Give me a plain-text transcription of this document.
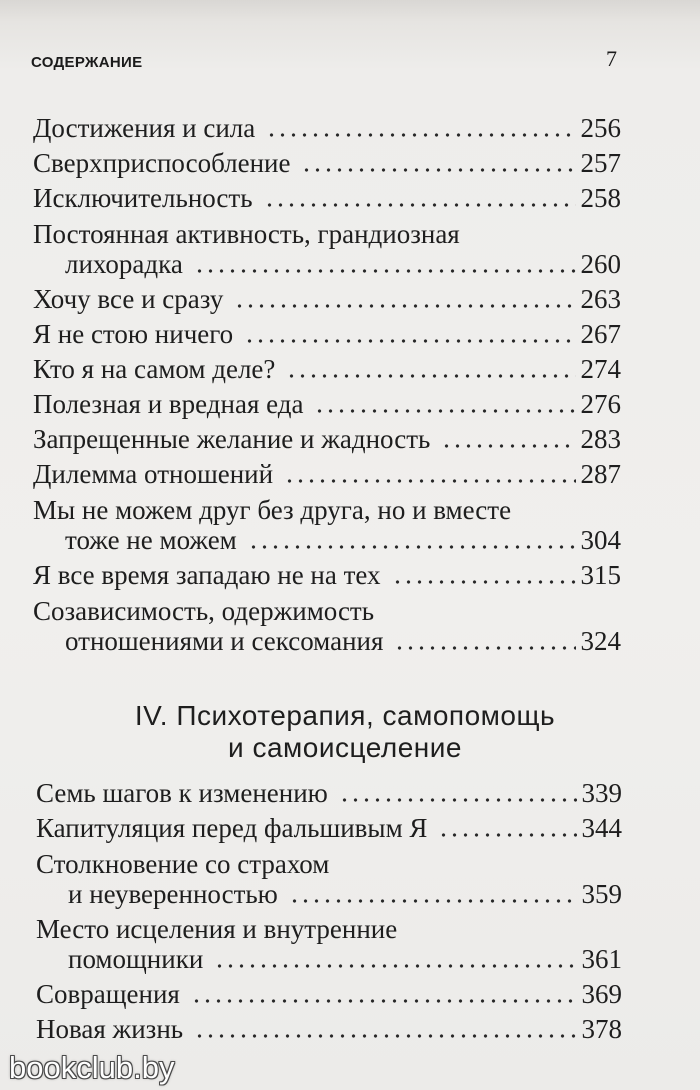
СОДЕРЖАНИЕ	7
Достижения и сила	256
Сверхприспособление	257
Исключительность	258
Постоянная активность, грандиозная
лихорадка	260
Хочу все и сразу	263
Я не стою ничего	267
Кто я на самом деле?	274
Полезная и вредная еда	276
Запрещенные желание и жадность	283
Дилемма отношений	287
Мы не можем друг без друга, но и вместе
тоже не можем	304
Я все время западаю не на тех	315
Созависимость, одержимость
отношениями и сексомания	324
IV. Психотерапия, самопомощь
и самоисцеление
Семь шагов к изменению	339
Капитуляция перед фальшивым Я	344
Столкновение со страхом
и неуверенностью	359
Место исцеления и внутренние
помощники	361
Совращения	369
Новая жизнь	378
bookclub.by
